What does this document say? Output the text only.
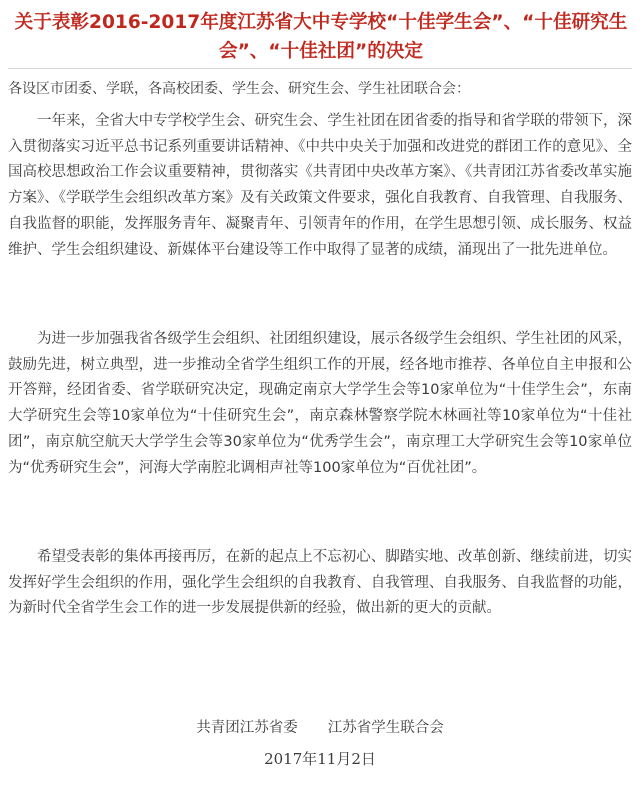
关于表彰2016-2017年度江苏省大中专学校“十佳学生会”、“十佳研究生会”、“十佳社团”的决定

各设区市团委、学联，各高校团委、学生会、研究生会、学生社团联合会：

一年来，全省大中专学校学生会、研究生会、学生社团在团省委的指导和省学联的带领下，深入贯彻落实习近平总书记系列重要讲话精神、《中共中央关于加强和改进党的群团工作的意见》、全国高校思想政治工作会议重要精神，贯彻落实《共青团中央改革方案》、《共青团江苏省委改革实施方案》、《学联学生会组织改革方案》及有关政策文件要求，强化自我教育、自我管理、自我服务、自我监督的职能，发挥服务青年、凝聚青年、引领青年的作用，在学生思想引领、成长服务、权益维护、学生会组织建设、新媒体平台建设等工作中取得了显著的成绩，涌现出了一批先进单位。

为进一步加强我省各级学生会组织、社团组织建设，展示各级学生会组织、学生社团的风采，鼓励先进，树立典型，进一步推动全省学生组织工作的开展，经各地市推荐、各单位自主申报和公开答辩，经团省委、省学联研究决定，现确定南京大学学生会等10家单位为“十佳学生会”，东南大学研究生会等10家单位为“十佳研究生会”，南京森林警察学院木林画社等10家单位为“十佳社团”，南京航空航天大学学生会等30家单位为“优秀学生会”，南京理工大学研究生会等10家单位为“优秀研究生会”，河海大学南腔北调相声社等100家单位为“百优社团”。

希望受表彰的集体再接再厉，在新的起点上不忘初心、脚踏实地、改革创新、继续前进，切实发挥好学生会组织的作用，强化学生会组织的自我教育、自我管理、自我服务、自我监督的功能，为新时代全省学生会工作的进一步发展提供新的经验，做出新的更大的贡献。

共青团江苏省委 江苏省学生联合会

2017年11月2日
